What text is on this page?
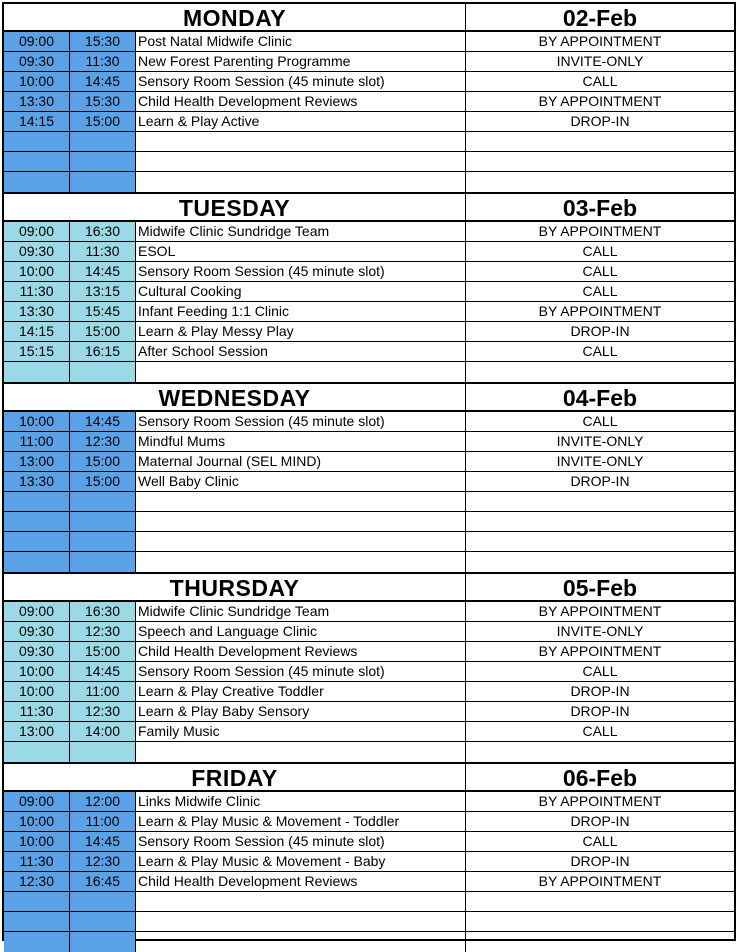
MONDAY	02-Feb
09:00	15:30	Post Natal Midwife Clinic	BY APPOINTMENT
09:30	11:30	New Forest Parenting Programme	INVITE-ONLY
10:00	14:45	Sensory Room Session (45 minute slot)	CALL
13:30	15:30	Child Health Development Reviews	BY APPOINTMENT
14:15	15:00	Learn & Play Active	DROP-IN
TUESDAY	03-Feb
09:00	16:30	Midwife Clinic Sundridge Team	BY APPOINTMENT
09:30	11:30	ESOL	CALL
10:00	14:45	Sensory Room Session (45 minute slot)	CALL
11:30	13:15	Cultural Cooking	CALL
13:30	15:45	Infant Feeding 1:1 Clinic	BY APPOINTMENT
14:15	15:00	Learn & Play Messy Play	DROP-IN
15:15	16:15	After School Session	CALL
WEDNESDAY	04-Feb
10:00	14:45	Sensory Room Session (45 minute slot)	CALL
11:00	12:30	Mindful Mums	INVITE-ONLY
13:00	15:00	Maternal Journal (SEL MIND)	INVITE-ONLY
13:30	15:00	Well Baby Clinic	DROP-IN
THURSDAY	05-Feb
09:00	16:30	Midwife Clinic Sundridge Team	BY APPOINTMENT
09:30	12:30	Speech and Language Clinic	INVITE-ONLY
09:30	15:00	Child Health Development Reviews	BY APPOINTMENT
10:00	14:45	Sensory Room Session (45 minute slot)	CALL
10:00	11:00	Learn & Play Creative Toddler	DROP-IN
11:30	12:30	Learn & Play Baby Sensory	DROP-IN
13:00	14:00	Family Music	CALL
FRIDAY	06-Feb
09:00	12:00	Links Midwife Clinic	BY APPOINTMENT
10:00	11:00	Learn & Play Music & Movement - Toddler	DROP-IN
10:00	14:45	Sensory Room Session (45 minute slot)	CALL
11:30	12:30	Learn & Play Music & Movement - Baby	DROP-IN
12:30	16:45	Child Health Development Reviews	BY APPOINTMENT
